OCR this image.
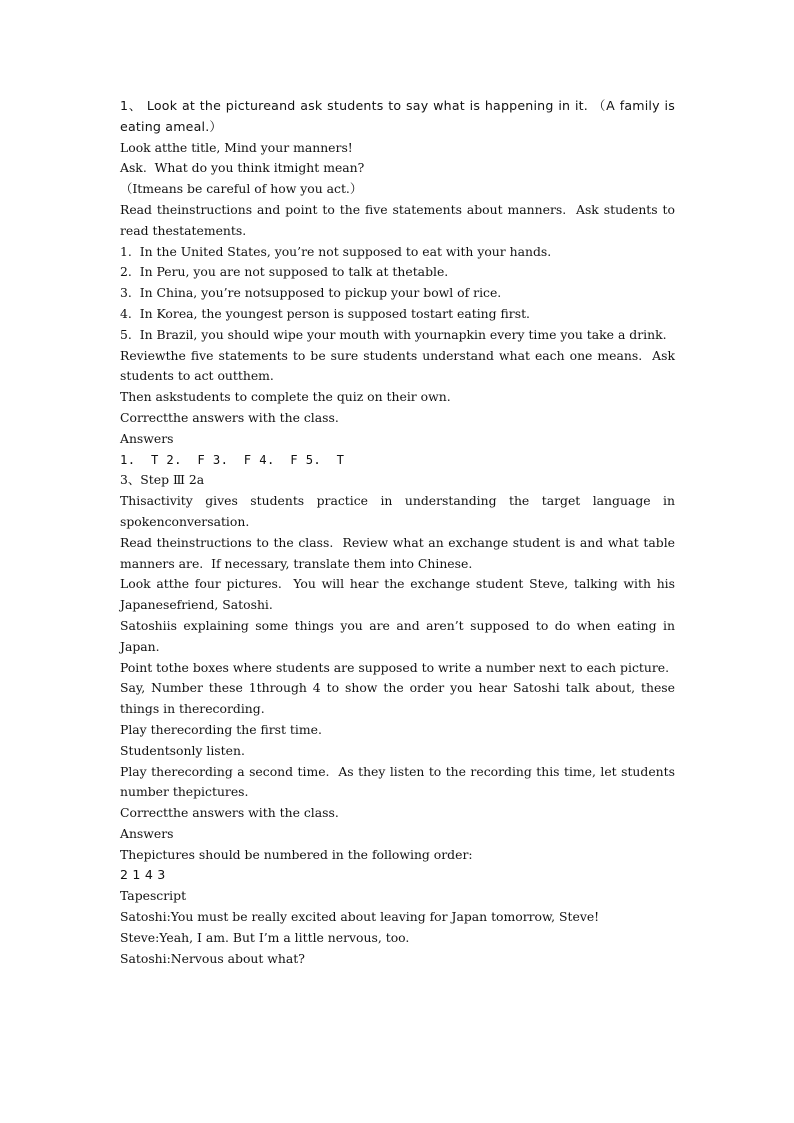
1、 Look at the pictureand ask students to say what is happening in it. （A family is eating ameal.）

Look atthe title, Mind your manners!

Ask.  What do you think itmight mean?

（Itmeans be careful of how you act.）

Read theinstructions and point to the five statements about manners.  Ask students to read thestatements.

1.  In the United States, you’re not supposed to eat with your hands.

2.  In Peru, you are not supposed to talk at thetable.

3.  In China, you’re notsupposed to pickup your bowl of rice.

4.  In Korea, the youngest person is supposed tostart eating first.

5.  In Brazil, you should wipe your mouth with yournapkin every time you take a drink.

Reviewthe five statements to be sure students understand what each one means.  Ask students to act outthem.

Then askstudents to complete the quiz on their own.

Correctthe answers with the class.

Answers

1.  T 2.  F 3.  F 4.  F 5.  T

3、Step Ⅲ 2a

Thisactivity gives students practice in understanding the target language in spokenconversation.

Read theinstructions to the class.  Review what an exchange student is and what table manners are.  If necessary, translate them into Chinese.

Look atthe four pictures.  You will hear the exchange student Steve, talking with his Japanesefriend, Satoshi.

Satoshiis explaining some things you are and aren’t supposed to do when eating in Japan.

Point tothe boxes where students are supposed to write a number next to each picture.

Say, Number these 1through 4 to show the order you hear Satoshi talk about, these things in therecording.

Play therecording the first time.

Studentsonly listen.

Play therecording a second time.  As they listen to the recording this time, let students number thepictures.

Correctthe answers with the class.

Answers

Thepictures should be numbered in the following order:

2 1 4 3

Tapescript

Satoshi:You must be really excited about leaving for Japan tomorrow, Steve!

Steve:Yeah, I am. But I’m a little nervous, too.

Satoshi:Nervous about what?
